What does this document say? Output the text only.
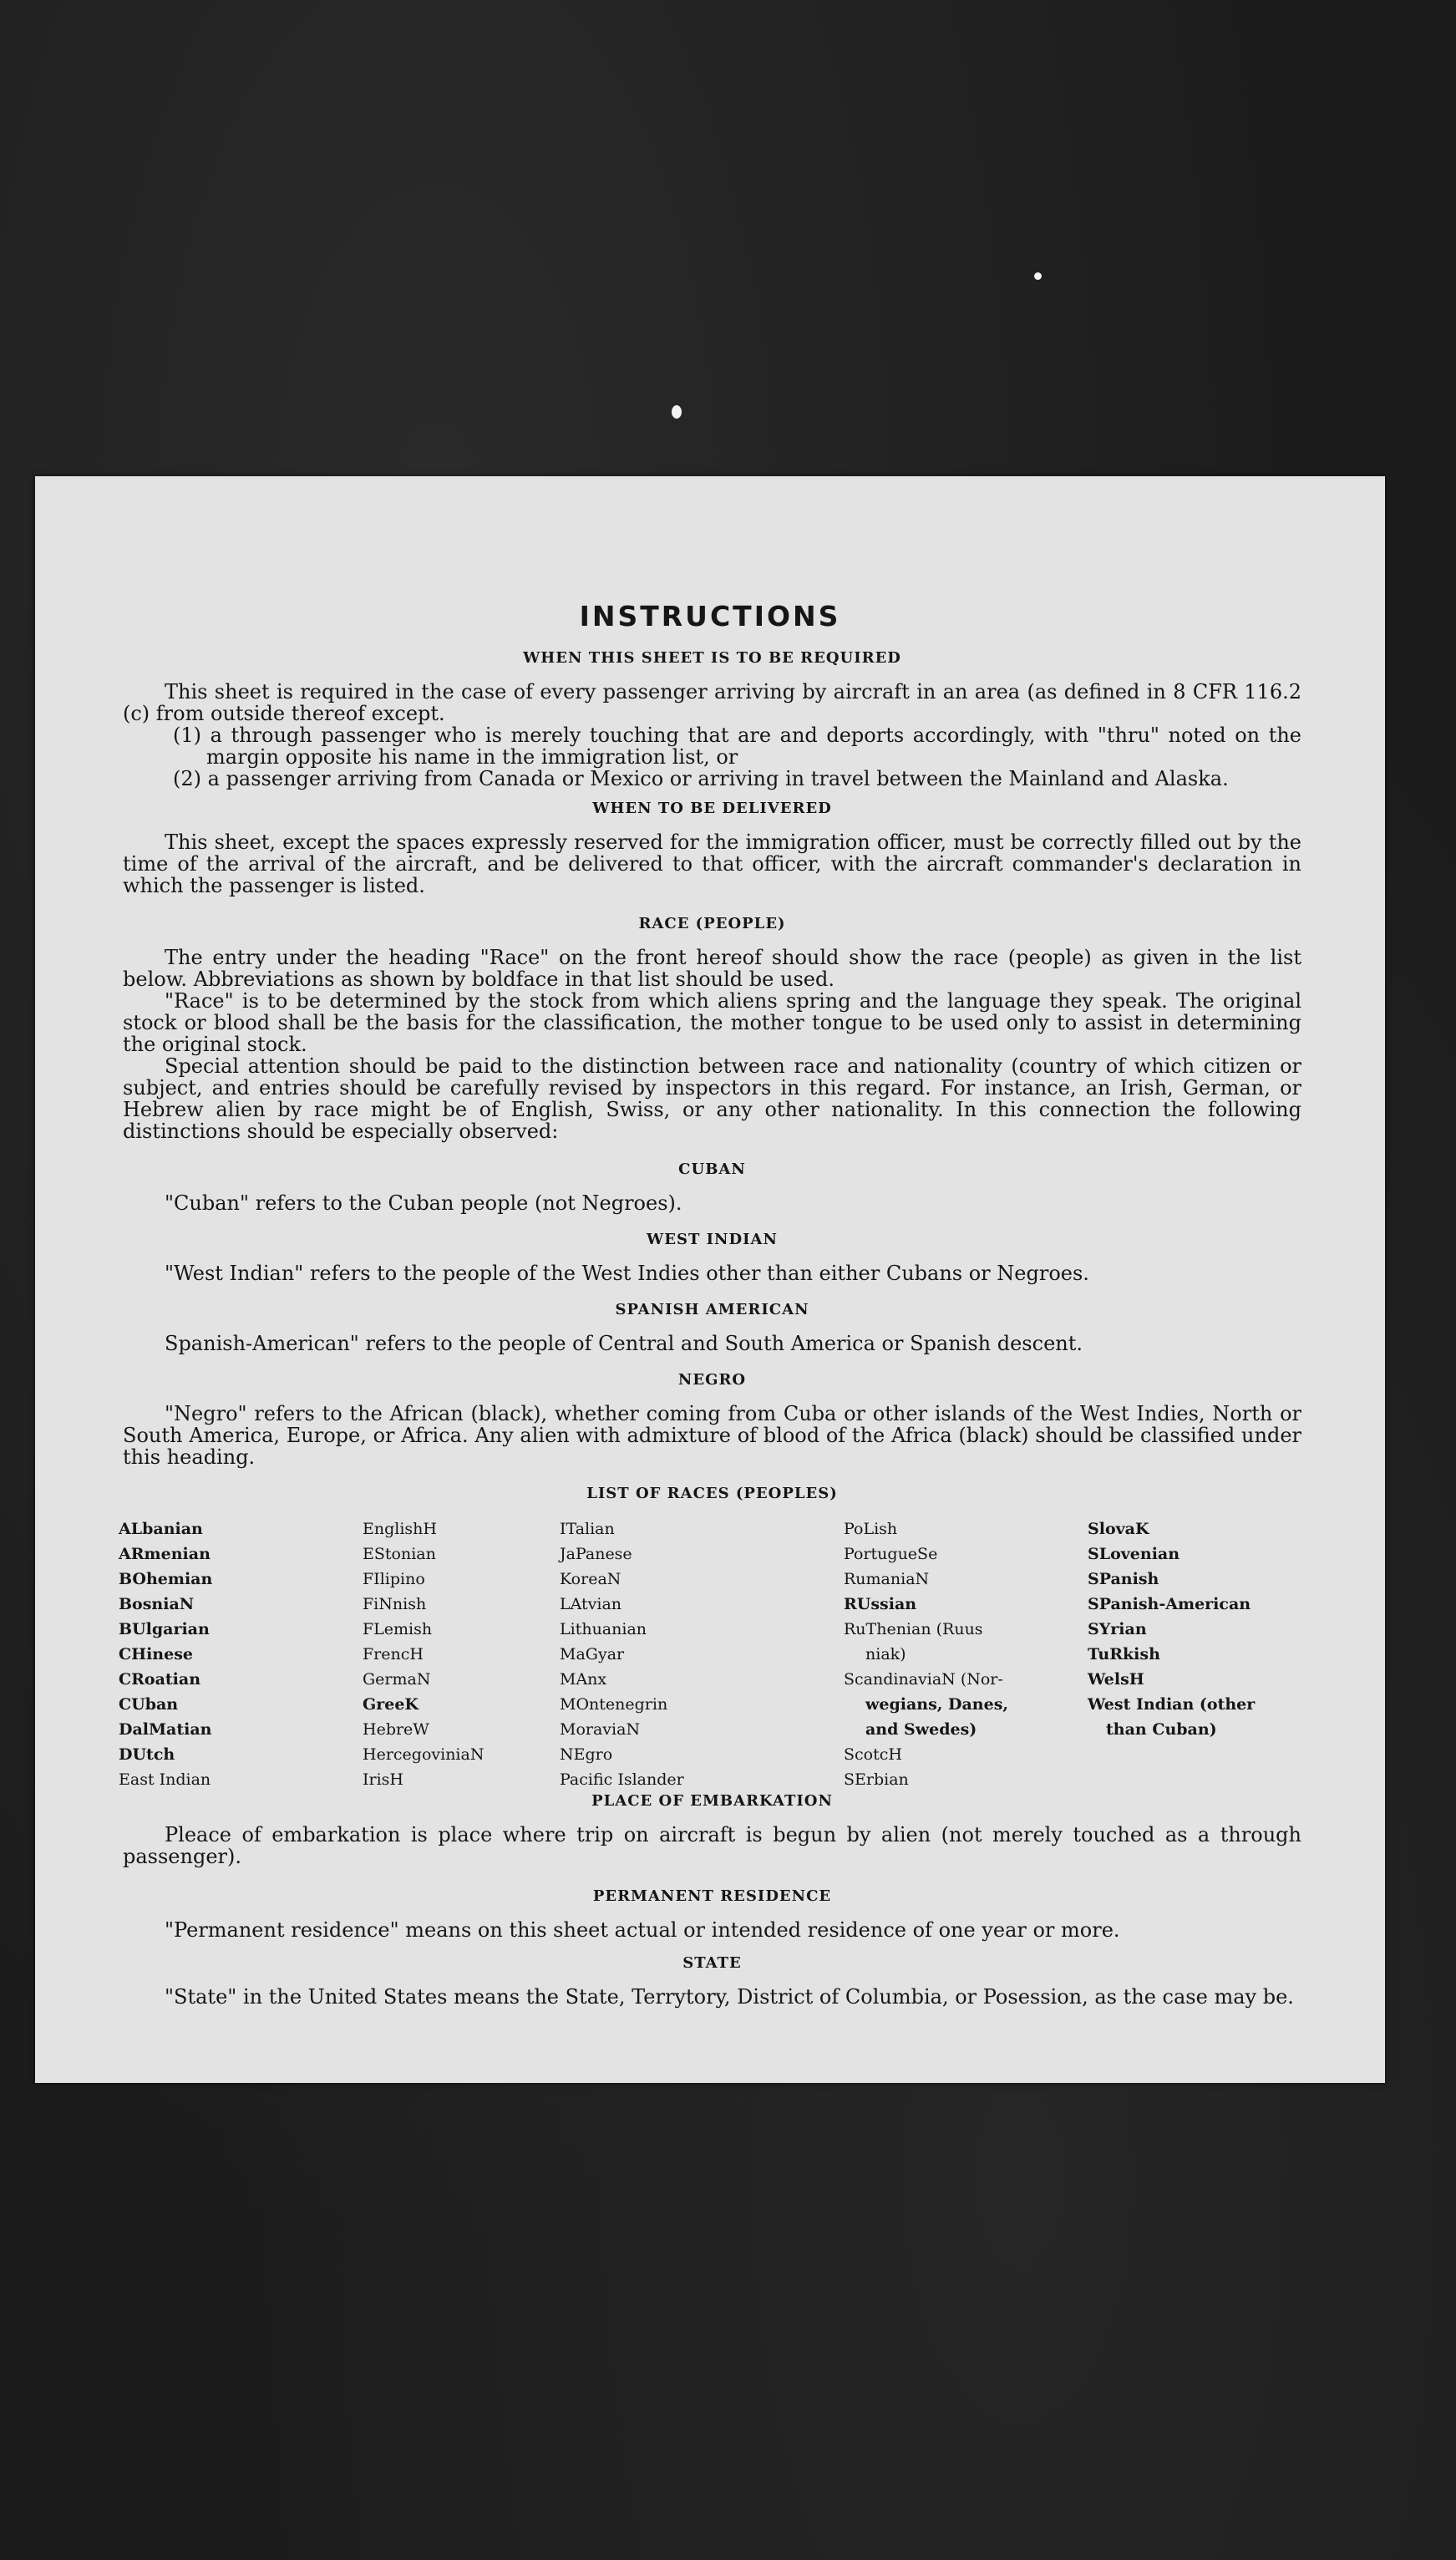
INSTRUCTIONS
WHEN THIS SHEET IS TO BE REQUIRED

This sheet is required in the case of every passenger arriving by aircraft in an area (as defined in 8 CFR 116.2 (c) from outside thereof except.

(1) a through passenger who is merely touching that are and deports accordingly, with "thru" noted on the margin opposite his name in the immigration list, or

(2) a passenger arriving from Canada or Mexico or arriving in travel between the Mainland and Alaska.

WHEN TO BE DELIVERED

This sheet, except the spaces expressly reserved for the immigration officer, must be correctly filled out by the time of the arrival of the aircraft, and be delivered to that officer, with the aircraft commander's declaration in which the passenger is listed.

RACE (PEOPLE)

The entry under the heading "Race" on the front hereof should show the race (people) as given in the list below. Abbreviations as shown by boldface in that list should be used.

"Race" is to be determined by the stock from which aliens spring and the language they speak. The original stock or blood shall be the basis for the classification, the mother tongue to be used only to assist in determining the original stock.

Special attention should be paid to the distinction between race and nationality (country of which citizen or subject, and entries should be carefully revised by inspectors in this regard. For instance, an Irish, German, or Hebrew alien by race might be of English, Swiss, or any other nationality. In this connection the following distinctions should be especially observed:

CUBAN

"Cuban" refers to the Cuban people (not Negroes).

WEST INDIAN

"West Indian" refers to the people of the West Indies other than either Cubans or Negroes.

SPANISH AMERICAN

Spanish-American" refers to the people of Central and South America or Spanish descent.

NEGRO

"Negro" refers to the African (black), whether coming from Cuba or other islands of the West Indies, North or South America, Europe, or Africa. Any alien with admixture of blood of the Africa (black) should be classified under this heading.

LIST OF RACES (PEOPLES)
ALbanian
ARmenian
BOhemian
BosniaN
BUlgarian
CHinese
CRoatian
CUban
DalMatian
DUtch
East Indian
EnglishH
EStonian
FIlipino
FiNnish
FLemish
FrencH
GermaN
GreeK
HebreW
HercegoviniaN
IrisH
ITalian
JaPanese
KoreaN
LAtvian
Lithuanian
MaGyar
MAnx
MOntenegrin
MoraviaN
NEgro
Pacific Islander
PoLish
PortugueSe
RumaniaN
RUssian
RuThenian (Ruus
niak)
ScandinaviaN (Nor-
wegians, Danes,
and Swedes)
ScotcH
SErbian
SlovaK
SLovenian
SPanish
SPanish-American
SYrian
TuRkish
WelsH
West Indian (other
than Cuban)
PLACE OF EMBARKATION

Pleace of embarkation is place where trip on aircraft is begun by alien (not merely touched as a through passenger).

PERMANENT RESIDENCE

"Permanent residence" means on this sheet actual or intended residence of one year or more.

STATE

"State" in the United States means the State, Terrytory, District of Columbia, or Posession, as the case may be.
